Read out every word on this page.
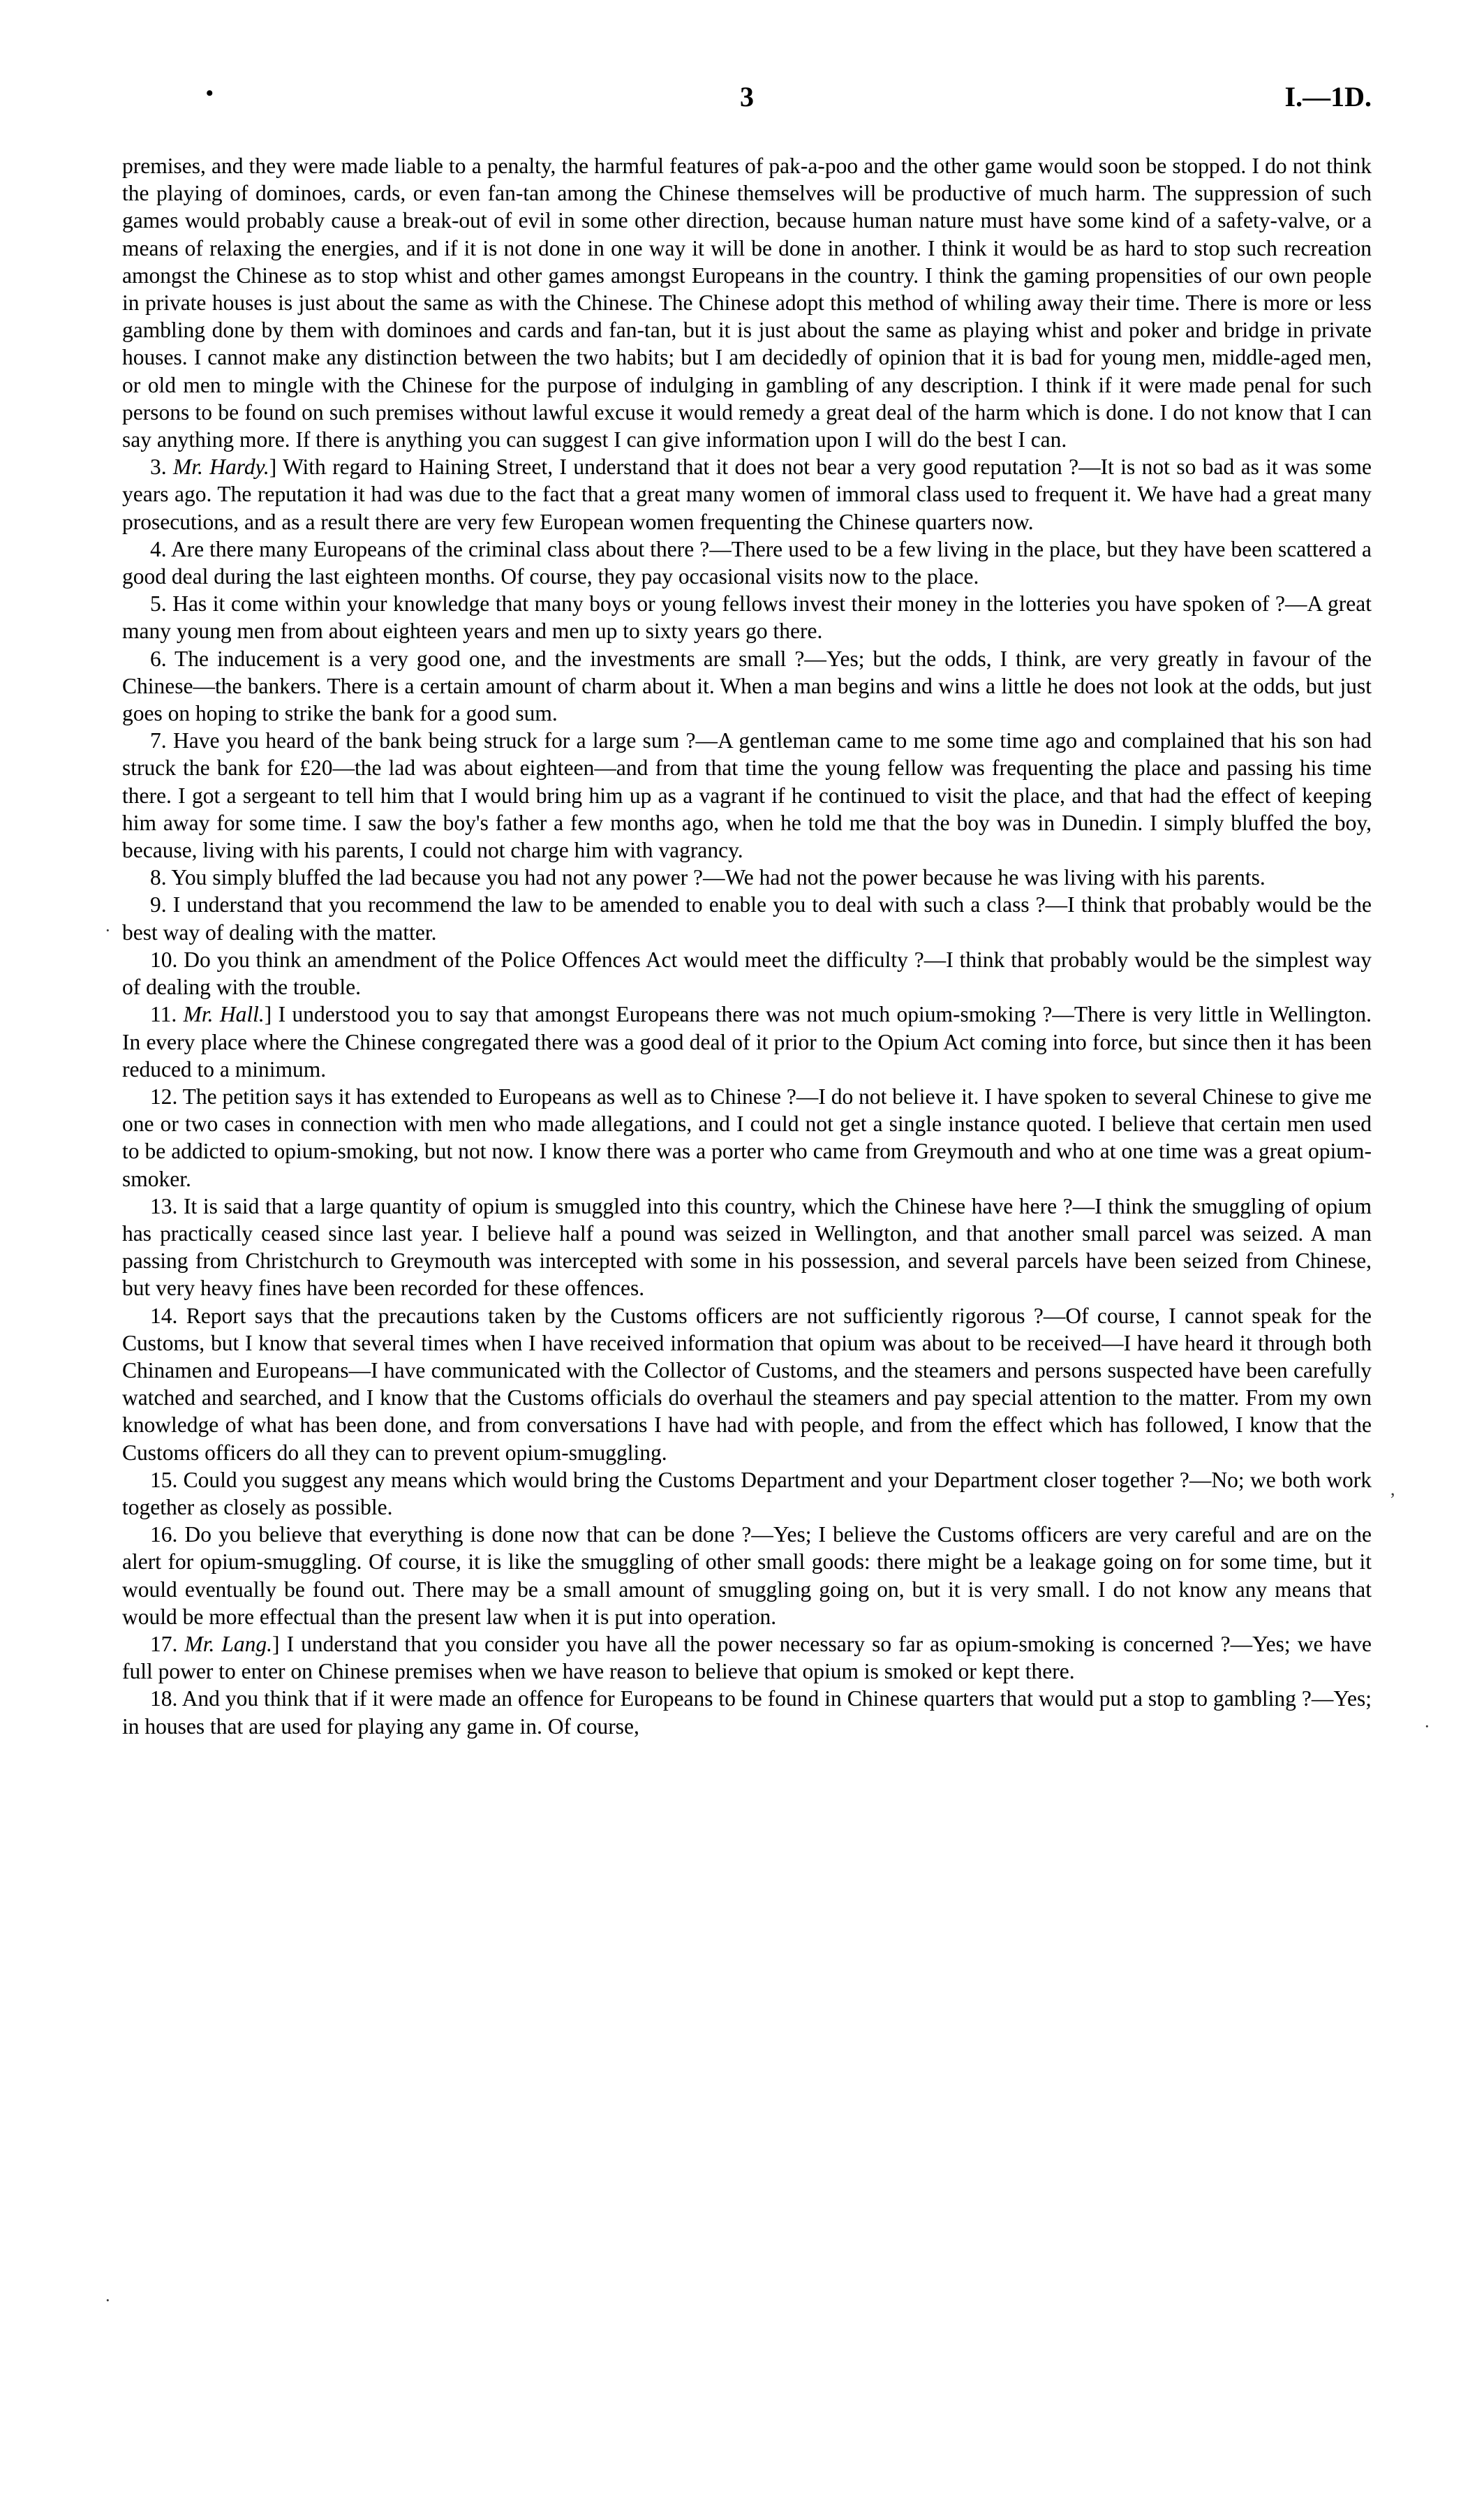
•	3	I.—1D.

premises, and they were made liable to a penalty, the harmful features of pak-a-poo and the other game would soon be stopped. I do not think the playing of dominoes, cards, or even fan-tan among the Chinese themselves will be productive of much harm. The suppression of such games would probably cause a break-out of evil in some other direction, because human nature must have some kind of a safety-valve, or a means of relaxing the energies, and if it is not done in one way it will be done in another. I think it would be as hard to stop such recreation amongst the Chinese as to stop whist and other games amongst Europeans in the country. I think the gaming propensities of our own people in private houses is just about the same as with the Chinese. The Chinese adopt this method of whiling away their time. There is more or less gambling done by them with dominoes and cards and fan-tan, but it is just about the same as playing whist and poker and bridge in private houses. I cannot make any distinction between the two habits; but I am decidedly of opinion that it is bad for young men, middle-aged men, or old men to mingle with the Chinese for the purpose of indulging in gambling of any description. I think if it were made penal for such persons to be found on such premises without lawful excuse it would remedy a great deal of the harm which is done. I do not know that I can say anything more. If there is anything you can suggest I can give information upon I will do the best I can.

3. Mr. Hardy.] With regard to Haining Street, I understand that it does not bear a very good reputation ?—It is not so bad as it was some years ago. The reputation it had was due to the fact that a great many women of immoral class used to frequent it. We have had a great many prosecutions, and as a result there are very few European women frequenting the Chinese quarters now.

4. Are there many Europeans of the criminal class about there ?—There used to be a few living in the place, but they have been scattered a good deal during the last eighteen months. Of course, they pay occasional visits now to the place.

5. Has it come within your knowledge that many boys or young fellows invest their money in the lotteries you have spoken of ?—A great many young men from about eighteen years and men up to sixty years go there.

6. The inducement is a very good one, and the investments are small ?—Yes; but the odds, I think, are very greatly in favour of the Chinese—the bankers. There is a certain amount of charm about it. When a man begins and wins a little he does not look at the odds, but just goes on hoping to strike the bank for a good sum.

7. Have you heard of the bank being struck for a large sum ?—A gentleman came to me some time ago and complained that his son had struck the bank for £20—the lad was about eighteen—and from that time the young fellow was frequenting the place and passing his time there. I got a sergeant to tell him that I would bring him up as a vagrant if he continued to visit the place, and that had the effect of keeping him away for some time. I saw the boy's father a few months ago, when he told me that the boy was in Dunedin. I simply bluffed the boy, because, living with his parents, I could not charge him with vagrancy.

8. You simply bluffed the lad because you had not any power ?—We had not the power because he was living with his parents.

9. I understand that you recommend the law to be amended to enable you to deal with such a class ?—I think that probably would be the best way of dealing with the matter.

10. Do you think an amendment of the Police Offences Act would meet the difficulty ?—I think that probably would be the simplest way of dealing with the trouble.

11. Mr. Hall.] I understood you to say that amongst Europeans there was not much opium-smoking ?—There is very little in Wellington. In every place where the Chinese congregated there was a good deal of it prior to the Opium Act coming into force, but since then it has been reduced to a minimum.

12. The petition says it has extended to Europeans as well as to Chinese ?—I do not believe it. I have spoken to several Chinese to give me one or two cases in connection with men who made allegations, and I could not get a single instance quoted. I believe that certain men used to be addicted to opium-smoking, but not now. I know there was a porter who came from Greymouth and who at one time was a great opium-smoker.

13. It is said that a large quantity of opium is smuggled into this country, which the Chinese have here ?—I think the smuggling of opium has practically ceased since last year. I believe half a pound was seized in Wellington, and that another small parcel was seized. A man passing from Christchurch to Greymouth was intercepted with some in his possession, and several parcels have been seized from Chinese, but very heavy fines have been recorded for these offences.

14. Report says that the precautions taken by the Customs officers are not sufficiently rigorous ?—Of course, I cannot speak for the Customs, but I know that several times when I have received information that opium was about to be received—I have heard it through both Chinamen and Europeans—I have communicated with the Collector of Customs, and the steamers and persons suspected have been carefully watched and searched, and I know that the Customs officials do overhaul the steamers and pay special attention to the matter. From my own knowledge of what has been done, and from conversations I have had with people, and from the effect which has followed, I know that the Customs officers do all they can to prevent opium-smuggling.

15. Could you suggest any means which would bring the Customs Department and your Department closer together ?—No; we both work together as closely as possible.

16. Do you believe that everything is done now that can be done ?—Yes; I believe the Customs officers are very careful and are on the alert for opium-smuggling. Of course, it is like the smuggling of other small goods: there might be a leakage going on for some time, but it would eventually be found out. There may be a small amount of smuggling going on, but it is very small. I do not know any means that would be more effectual than the present law when it is put into operation.

17. Mr. Lang.] I understand that you consider you have all the power necessary so far as opium-smoking is concerned ?—Yes; we have full power to enter on Chinese premises when we have reason to believe that opium is smoked or kept there.

18. And you think that if it were made an offence for Europeans to be found in Chinese quarters that would put a stop to gambling ?—Yes; in houses that are used for playing any game in. Of course,

·
,
·
·
